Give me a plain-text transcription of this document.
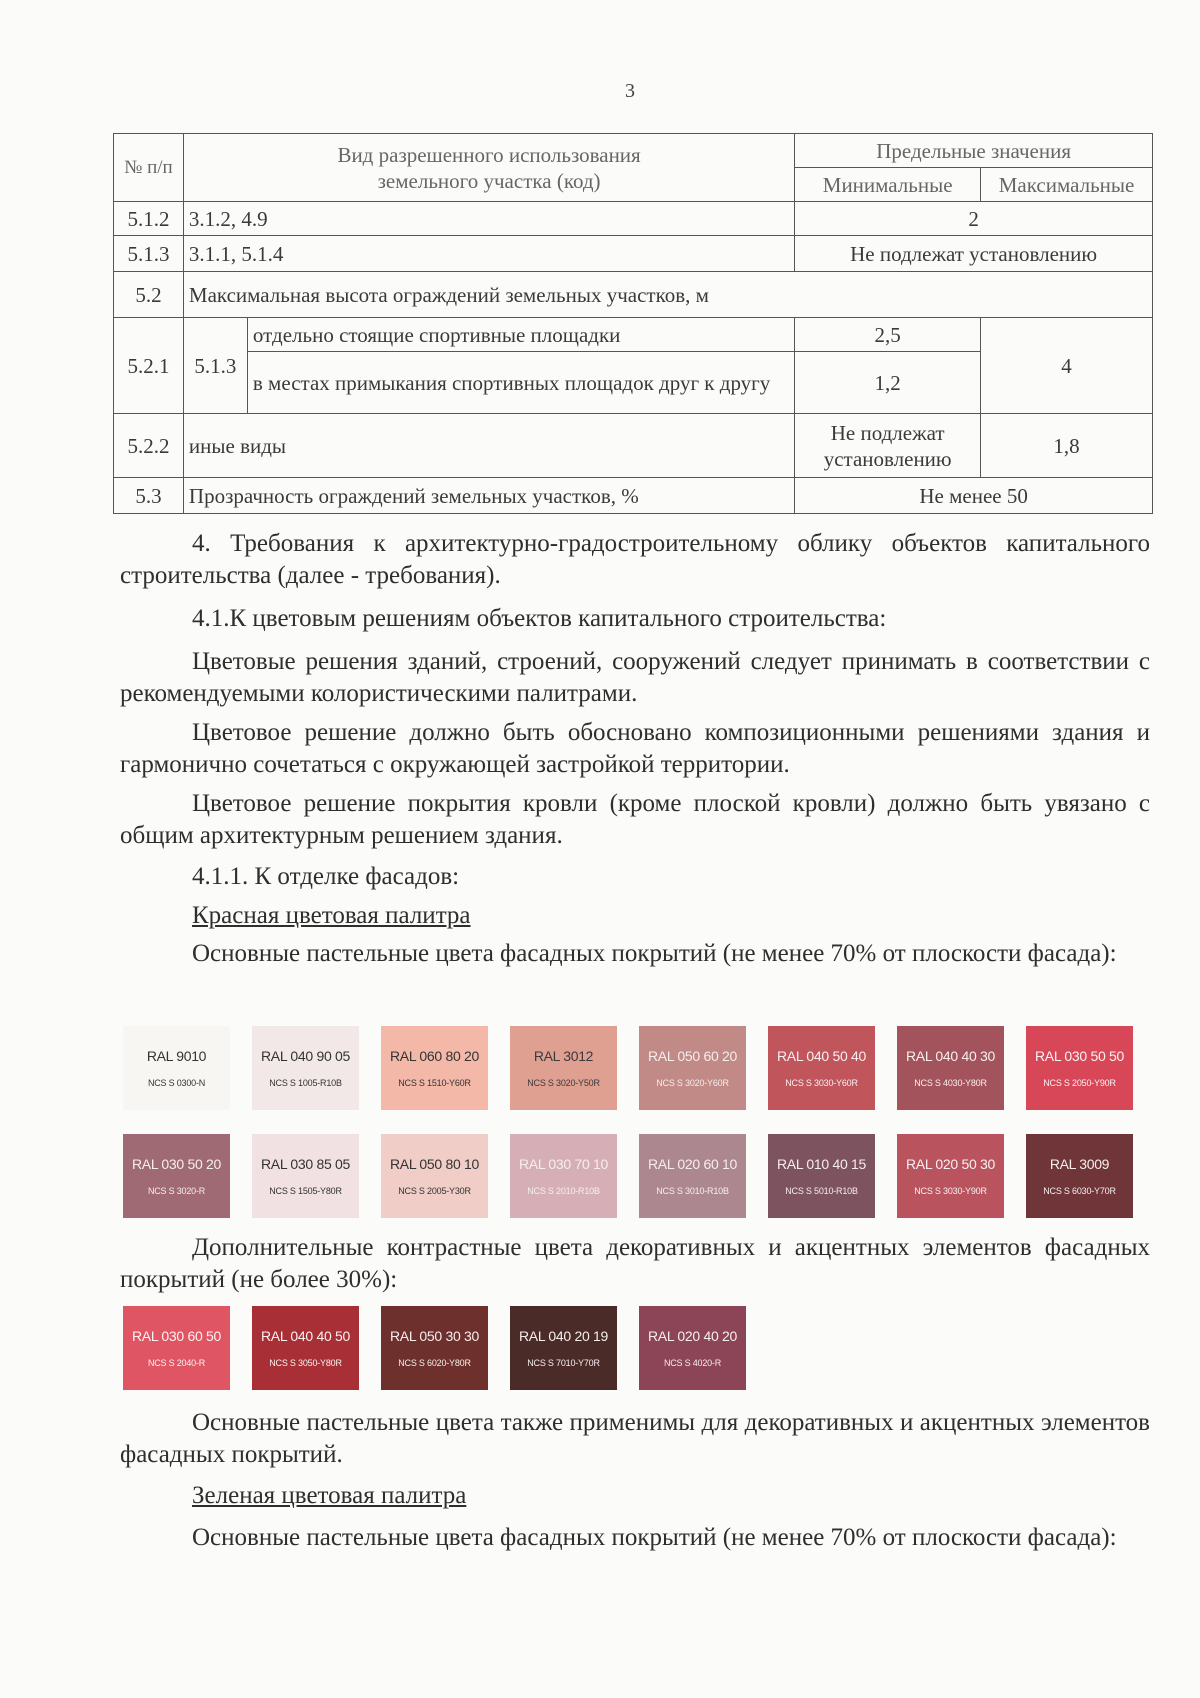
3
№ п/п	Вид разрешенного использования земельного участка (код)		Предельные значения	
			Минимальные	Максимальные
5.1.2	3.1.2, 4.9		2	
5.1.3	3.1.1, 5.1.4		Не подлежат установлению	
5.2	Максимальная высота ограждений земельных участков, м			
5.2.1	5.1.3	отдельно стоящие спортивные площадки	2,5	4
		в местах примыкания спортивных площадок друг к другу	1,2	
5.2.2	иные виды		Не подлежат установлению	1,8
5.3	Прозрачность ограждений земельных участков, %		Не менее 50	

4. Требования к архитектурно-градостроительному облику объектов капитального строительства (далее - требования).

4.1.К цветовым решениям объектов капитального строительства:

Цветовые решения зданий, строений, сооружений следует принимать в соответствии с рекомендуемыми колористическими палитрами.

Цветовое решение должно быть обосновано композиционными решениями здания и гармонично сочетаться с окружающей застройкой территории.

Цветовое решение покрытия кровли (кроме плоской кровли) должно быть увязано с общим архитектурным решением здания.

4.1.1. К отделке фасадов:

Красная цветовая палитра

Основные пастельные цвета фасадных покрытий (не менее 70% от плоскости фасада):

RAL 9010
NCS S 0300-N
RAL 040 90 05
NCS S 1005-R10B
RAL 060 80 20
NCS S 1510-Y60R
RAL 3012
NCS S 3020-Y50R
RAL 050 60 20
NCS S 3020-Y60R
RAL 040 50 40
NCS S 3030-Y60R
RAL 040 40 30
NCS S 4030-Y80R
RAL 030 50 50
NCS S 2050-Y90R
RAL 030 50 20
NCS S 3020-R
RAL 030 85 05
NCS S 1505-Y80R
RAL 050 80 10
NCS S 2005-Y30R
RAL 030 70 10
NCS S 2010-R10B
RAL 020 60 10
NCS S 3010-R10B
RAL 010 40 15
NCS S 5010-R10B
RAL 020 50 30
NCS S 3030-Y90R
RAL 3009
NCS S 6030-Y70R

Дополнительные контрастные цвета декоративных и акцентных элементов фасадных покрытий (не более 30%):

RAL 030 60 50
NCS S 2040-R
RAL 040 40 50
NCS S 3050-Y80R
RAL 050 30 30
NCS S 6020-Y80R
RAL 040 20 19
NCS S 7010-Y70R
RAL 020 40 20
NCS S 4020-R

Основные пастельные цвета также применимы для декоративных и акцентных элементов фасадных покрытий.

Зеленая цветовая палитра

Основные пастельные цвета фасадных покрытий (не менее 70% от плоскости фасада):
